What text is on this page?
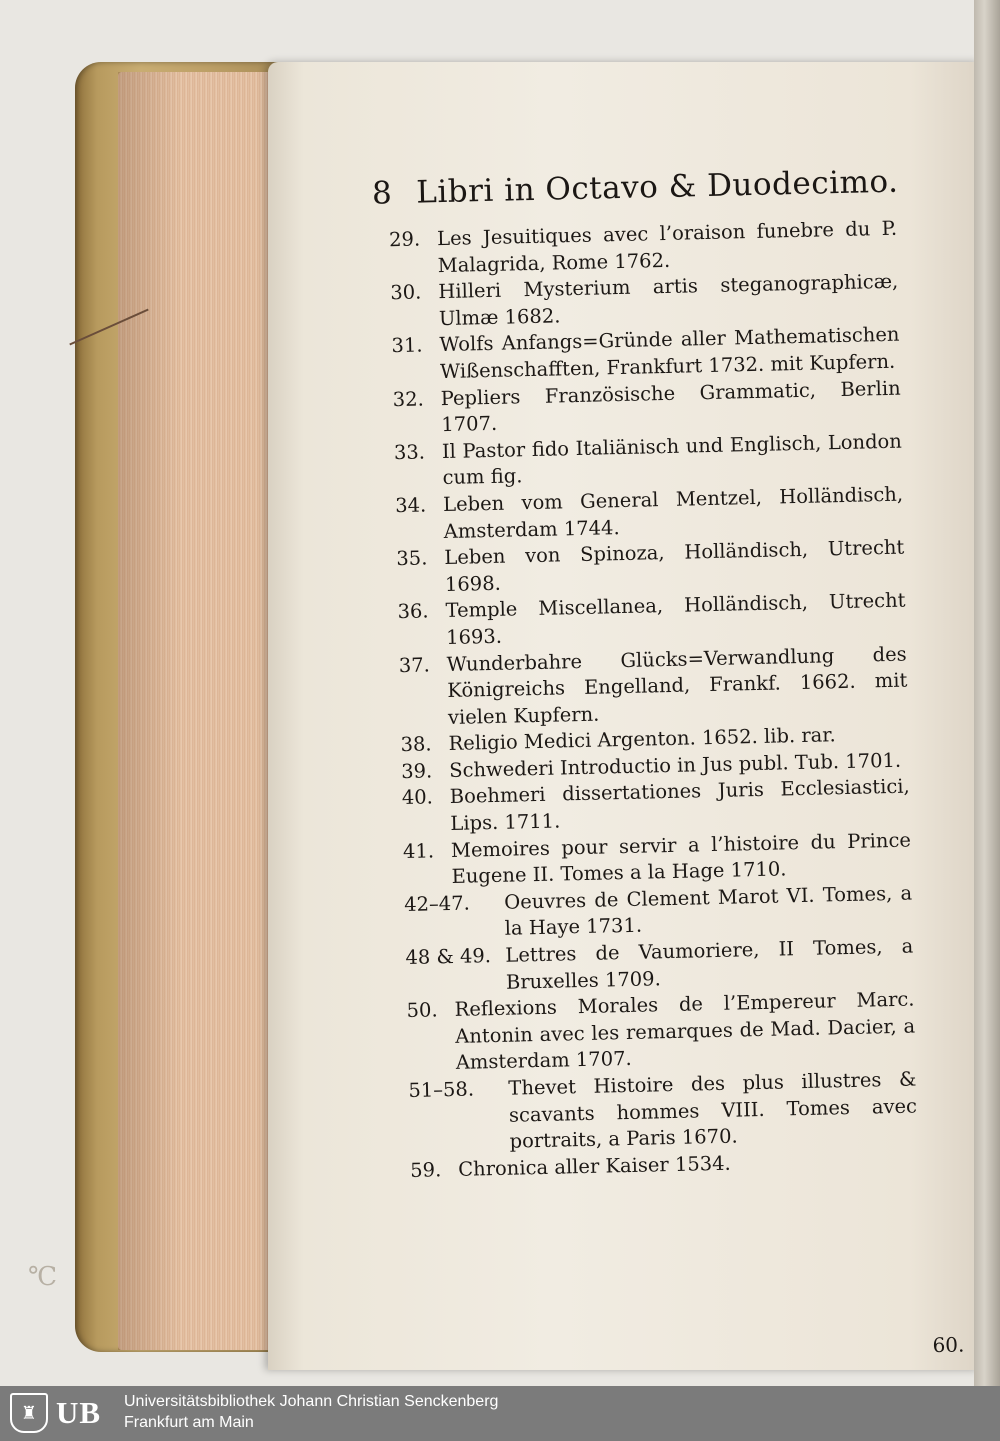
℃
8 Libri in Octavo & Duodecimo.
29. Les Jesuitiques avec l’oraison funebre du P. Malagrida, Rome 1762.
30. Hilleri Mysterium artis steganographicæ, Ulmæ 1682.
31. Wolfs Anfangs=Gründe aller Mathematischen Wißenschafften, Frankfurt 1732. mit Kupfern.
32. Pepliers Französische Grammatic, Berlin 1707.
33. Il Pastor fido Italiänisch und Englisch, London cum fig.
34. Leben vom General Mentzel, Holländisch, Amsterdam 1744.
35. Leben von Spinoza, Holländisch, Utrecht 1698.
36. Temple Miscellanea, Holländisch, Utrecht 1693.
37. Wunderbahre Glücks=Verwandlung des Königreichs Engelland, Frankf. 1662. mit vielen Kupfern.
38. Religio Medici Argenton. 1652. lib. rar.
39. Schwederi Introductio in Jus publ. Tub. 1701.
40. Boehmeri dissertationes Juris Ecclesiastici, Lips. 1711.
41. Memoires pour servir a l’histoire du Prince Eugene II. Tomes a la Hage 1710.
42–47.	Oeuvres de Clement Marot VI. Tomes, a la Haye 1731.
48 & 49. Lettres de Vaumoriere, II Tomes, a Bruxelles 1709.
50. Reflexions Morales de l’Empereur Marc. Antonin avec les remarques de Mad. Dacier, a Amsterdam 1707.
51–58.	Thevet Histoire des plus illustres & scavants hommes VIII. Tomes avec portraits, a Paris 1670.
59. Chronica aller Kaiser 1534.
60.
♜ UB Universitätsbibliothek Johann Christian Senckenberg
Frankfurt am Main
